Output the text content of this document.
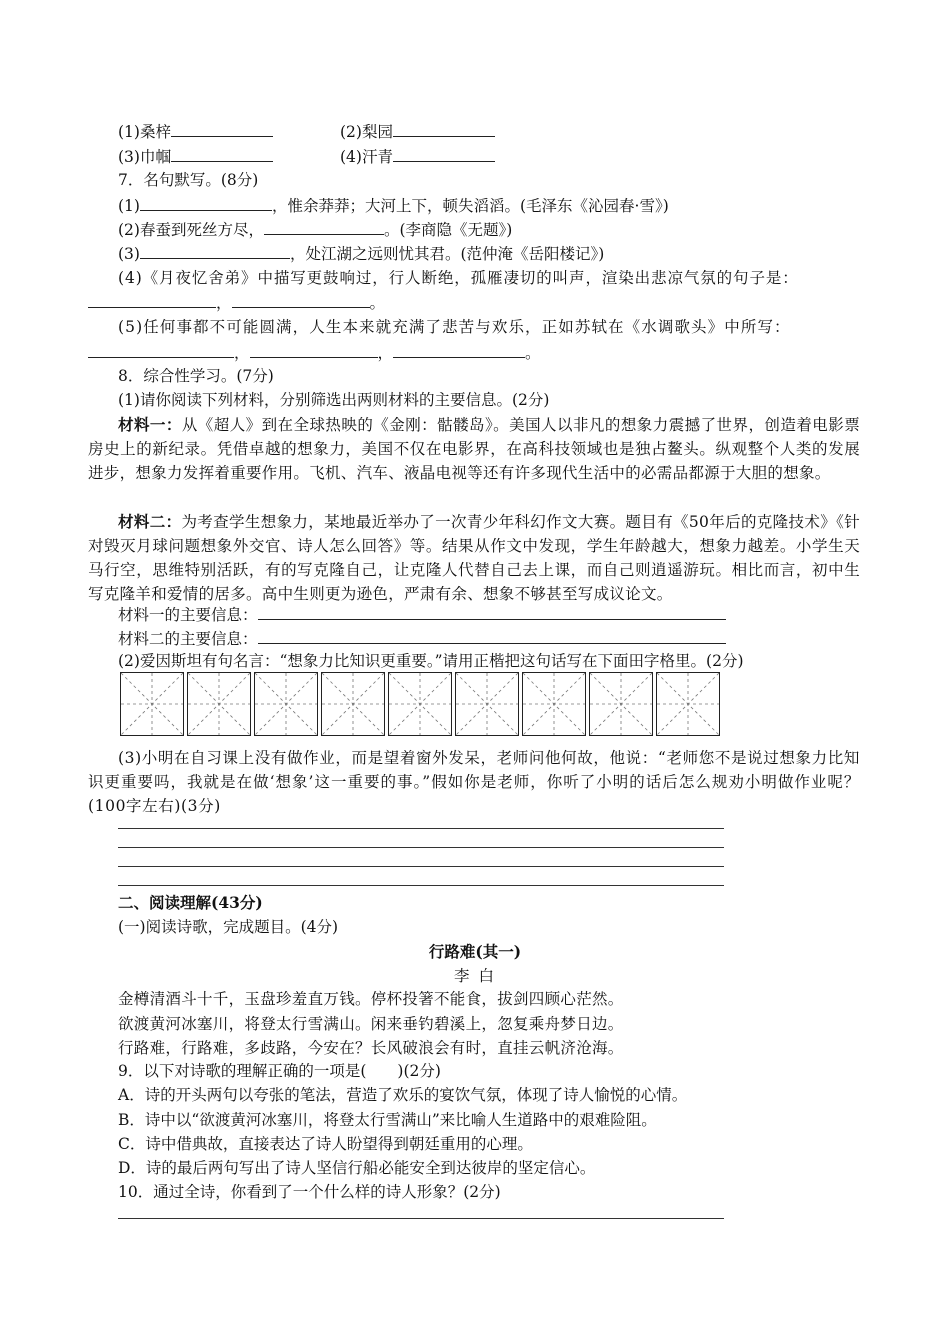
(1)桑梓	(2)梨园
(3)巾帼	(4)汗青
7．名句默写。(8分)
(1)	，惟余莽莽；大河上下，顿失滔滔。(毛泽东《沁园春·雪》)
(2)春蚕到死丝方尽，	。(李商隐《无题》)
(3)	，处江湖之远则忧其君。(范仲淹《岳阳楼记》)
(4)《月夜忆舍弟》中描写更鼓响过，行人断绝，孤雁凄切的叫声，渲染出悲凉气氛的句子是：
，	。
(5)任何事都不可能圆满，人生本来就充满了悲苦与欢乐，正如苏轼在《水调歌头》中所写：
，	，	。
8．综合性学习。(7分)
(1)请你阅读下列材料，分别筛选出两则材料的主要信息。(2分)

材料一：从《超人》到在全球热映的《金刚：骷髅岛》。美国人以非凡的想象力震撼了世界，创造着电影票房史上的新纪录。凭借卓越的想象力，美国不仅在电影界，在高科技领域也是独占鳌头。纵观整个人类的发展进步，想象力发挥着重要作用。飞机、汽车、液晶电视等还有许多现代生活中的必需品都源于大胆的想象。

材料二：为考查学生想象力，某地最近举办了一次青少年科幻作文大赛。题目有《50年后的克隆技术》《针对毁灭月球问题想象外交官、诗人怎么回答》等。结果从作文中发现，学生年龄越大，想象力越差。小学生天马行空，思维特别活跃，有的写克隆自己，让克隆人代替自己去上课，而自己则逍遥游玩。相比而言，初中生写克隆羊和爱情的居多。高中生则更为逊色，严肃有余、想象不够甚至写成议论文。

材料一的主要信息：
材料二的主要信息：
(2)爱因斯坦有句名言：“想象力比知识更重要。”请用正楷把这句话写在下面田字格里。(2分)

(3)小明在自习课上没有做作业，而是望着窗外发呆，老师问他何故，他说：“老师您不是说过想象力比知识更重要吗，我就是在做‘想象’这一重要的事。”假如你是老师，你听了小明的话后怎么规劝小明做作业呢？(100字左右)(3分)

二、阅读理解(43分)
(一)阅读诗歌，完成题目。(4分)
行路难(其一)
李 白
金樽清酒斗十千，玉盘珍羞直万钱。停杯投箸不能食，拔剑四顾心茫然。
欲渡黄河冰塞川，将登太行雪满山。闲来垂钓碧溪上，忽复乘舟梦日边。
行路难，行路难，多歧路，今安在？长风破浪会有时，直挂云帆济沧海。
9．以下对诗歌的理解正确的一项是(　　)(2分)
A．诗的开头两句以夸张的笔法，营造了欢乐的宴饮气氛，体现了诗人愉悦的心情。
B．诗中以“欲渡黄河冰塞川，将登太行雪满山”来比喻人生道路中的艰难险阻。
C．诗中借典故，直接表达了诗人盼望得到朝廷重用的心理。
D．诗的最后两句写出了诗人坚信行船必能安全到达彼岸的坚定信心。
10．通过全诗，你看到了一个什么样的诗人形象？(2分)
